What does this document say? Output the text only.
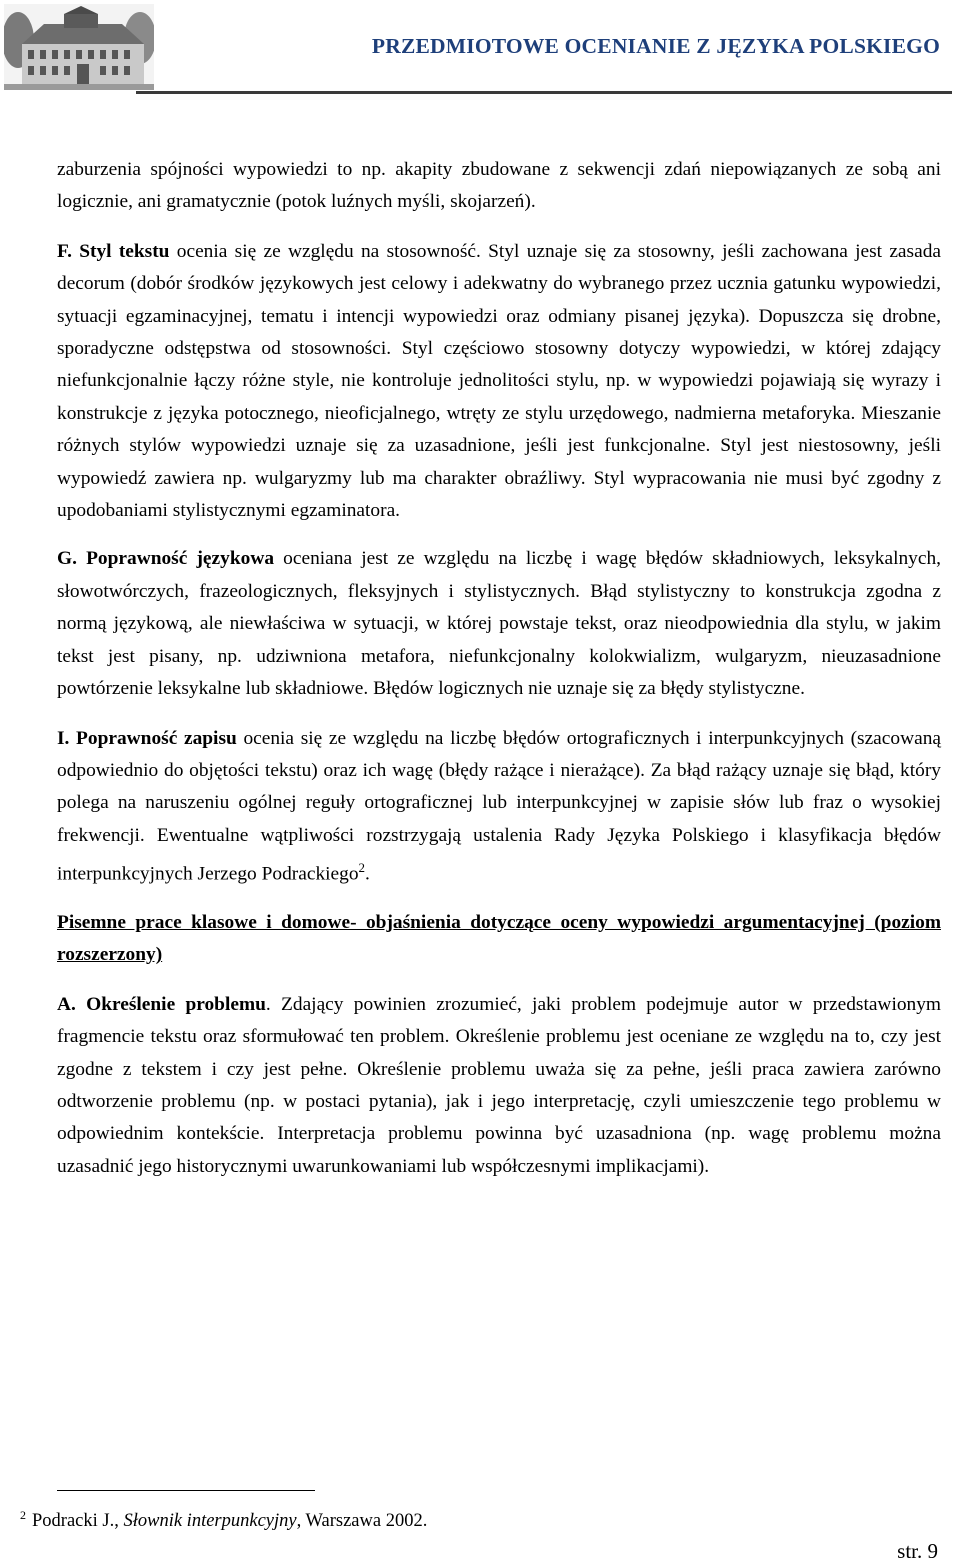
PRZEDMIOTOWE OCENIANIE Z JĘZYKA POLSKIEGO

zaburzenia spójności wypowiedzi to np. akapity zbudowane z sekwencji zdań niepowiązanych ze sobą ani logicznie, ani gramatycznie (potok luźnych myśli, skojarzeń).

F. Styl tekstu ocenia się ze względu na stosowność. Styl uznaje się za stosowny, jeśli zachowana jest zasada decorum (dobór środków językowych jest celowy i adekwatny do wybranego przez ucznia gatunku wypowiedzi, sytuacji egzaminacyjnej, tematu i intencji wypowiedzi oraz odmiany pisanej języka). Dopuszcza się drobne, sporadyczne odstępstwa od stosowności. Styl częściowo stosowny dotyczy wypowiedzi, w której zdający niefunkcjonalnie łączy różne style, nie kontroluje jednolitości stylu, np. w wypowiedzi pojawiają się wyrazy i konstrukcje z języka potocznego, nieoficjalnego, wtręty ze stylu urzędowego, nadmierna metaforyka. Mieszanie różnych stylów wypowiedzi uznaje się za uzasadnione, jeśli jest funkcjonalne. Styl jest niestosowny, jeśli wypowiedź zawiera np. wulgaryzmy lub ma charakter obraźliwy. Styl wypracowania nie musi być zgodny z upodobaniami stylistycznymi egzaminatora.

G. Poprawność językowa oceniana jest ze względu na liczbę i wagę błędów składniowych, leksykalnych, słowotwórczych, frazeologicznych, fleksyjnych i stylistycznych. Błąd stylistyczny to konstrukcja zgodna z normą językową, ale niewłaściwa w sytuacji, w której powstaje tekst, oraz nieodpowiednia dla stylu, w jakim tekst jest pisany, np. udziwniona metafora, niefunkcjonalny kolokwializm, wulgaryzm, nieuzasadnione powtórzenie leksykalne lub składniowe. Błędów logicznych nie uznaje się za błędy stylistyczne.

I. Poprawność zapisu ocenia się ze względu na liczbę błędów ortograficznych i interpunkcyjnych (szacowaną odpowiednio do objętości tekstu) oraz ich wagę (błędy rażące i nierażące). Za błąd rażący uznaje się błąd, który polega na naruszeniu ogólnej reguły ortograficznej lub interpunkcyjnej w zapisie słów lub fraz o wysokiej frekwencji. Ewentualne wątpliwości rozstrzygają ustalenia Rady Języka Polskiego i klasyfikacja błędów interpunkcyjnych Jerzego Podrackiego$^2$.

Pisemne prace klasowe i domowe- objaśnienia dotyczące oceny wypowiedzi argumentacyjnej (poziom rozszerzony)

A. Określenie problemu. Zdający powinien zrozumieć, jaki problem podejmuje autor w przedstawionym fragmencie tekstu oraz sformułować ten problem. Określenie problemu jest oceniane ze względu na to, czy jest zgodne z tekstem i czy jest pełne. Określenie problemu uważa się za pełne, jeśli praca zawiera zarówno odtworzenie problemu (np. w postaci pytania), jak i jego interpretację, czyli umieszczenie tego problemu w odpowiednim kontekście. Interpretacja problemu powinna być uzasadniona (np. wagę problemu można uzasadnić jego historycznymi uwarunkowaniami lub współczesnymi implikacjami).

$^2$ Podracki J., Słownik interpunkcyjny, Warszawa 2002.
str. 9
